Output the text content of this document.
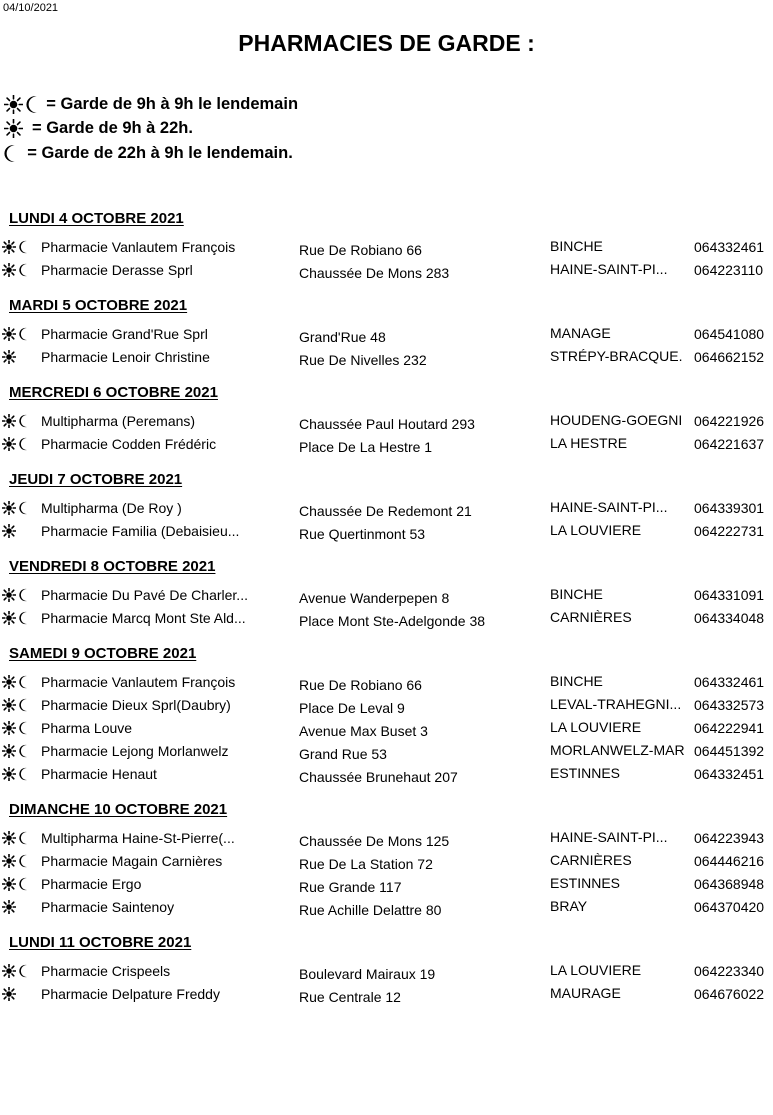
04/10/2021
PHARMACIES DE GARDE :
= Garde de 9h à 9h le lendemain
= Garde de 9h à 22h.
= Garde de 22h à 9h le lendemain.
LUNDI 4 OCTOBRE 2021
Pharmacie Vanlautem François	Rue De Robiano 66	BINCHE	064332461
Pharmacie Derasse Sprl	Chaussée De Mons 283	HAINE-SAINT-PI... 064223110
MARDI 5 OCTOBRE 2021
Pharmacie Grand'Rue Sprl	Grand'Rue 48	MANAGE	064541080
Pharmacie Lenoir Christine	Rue De Nivelles 232	STRÉPY-BRACQUE. 064662152
MERCREDI 6 OCTOBRE 2021
Multipharma (Peremans)	Chaussée Paul Houtard 293	HOUDENG-GOEGNI 064221926
Pharmacie Codden Frédéric	Place De La Hestre 1	LA HESTRE	064221637
JEUDI 7 OCTOBRE 2021
Multipharma (De Roy )	Chaussée De Redemont 21	HAINE-SAINT-PI... 064339301
Pharmacie Familia (Debaisieu...	Rue Quertinmont 53	LA LOUVIERE	064222731
VENDREDI 8 OCTOBRE 2021
Pharmacie Du Pavé De Charler...	Avenue Wanderpepen 8	BINCHE	064331091
Pharmacie Marcq Mont Ste Ald...	Place Mont Ste-Adelgonde 38	CARNIÈRES	064334048
SAMEDI 9 OCTOBRE 2021
Pharmacie Vanlautem François	Rue De Robiano 66	BINCHE	064332461
Pharmacie Dieux Sprl(Daubry)	Place De Leval 9	LEVAL-TRAHEGNI... 064332573
Pharma Louve	Avenue Max Buset 3	LA LOUVIERE	064222941
Pharmacie Lejong Morlanwelz	Grand Rue 53	MORLANWELZ-MAR 064451392
Pharmacie Henaut	Chaussée Brunehaut 207	ESTINNES	064332451
DIMANCHE 10 OCTOBRE 2021
Multipharma Haine-St-Pierre(...	Chaussée De Mons 125	HAINE-SAINT-PI... 064223943
Pharmacie Magain Carnières	Rue De La Station 72	CARNIÈRES	064446216
Pharmacie Ergo	Rue Grande 117	ESTINNES	064368948
Pharmacie Saintenoy	Rue Achille Delattre 80	BRAY	064370420
LUNDI 11 OCTOBRE 2021
Pharmacie Crispeels	Boulevard Mairaux 19	LA LOUVIERE	064223340
Pharmacie Delpature Freddy	Rue Centrale 12	MAURAGE	064676022
